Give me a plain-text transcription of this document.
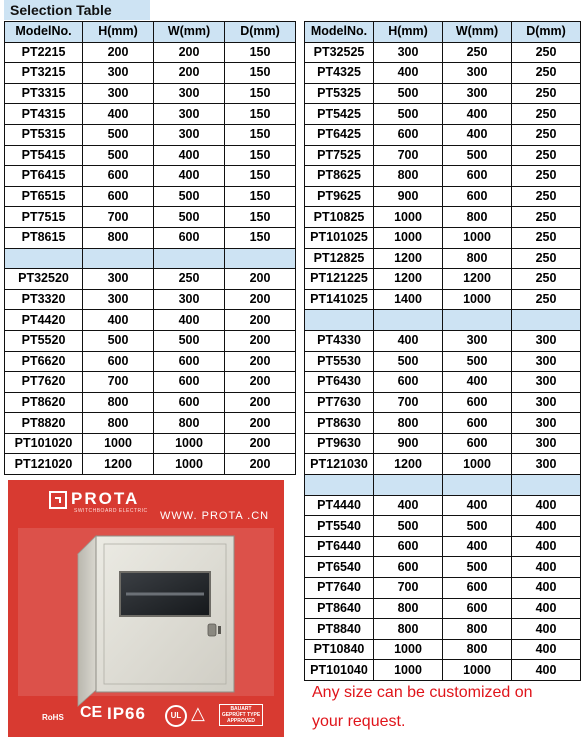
Selection Table
ModelNo.	H(mm)	W(mm)	D(mm)
PT2215	200	200	150
PT3215	300	200	150
PT3315	300	300	150
PT4315	400	300	150
PT5315	500	300	150
PT5415	500	400	150
PT6415	600	400	150
PT6515	600	500	150
PT7515	700	500	150
PT8615	800	600	150

PT32520	300	250	200
PT3320	300	300	200
PT4420	400	400	200
PT5520	500	500	200
PT6620	600	600	200
PT7620	700	600	200
PT8620	800	600	200
PT8820	800	800	200
PT101020	1000	1000	200
PT121020	1200	1000	200
ModelNo.	H(mm)	W(mm)	D(mm)
PT32525	300	250	250
PT4325	400	300	250
PT5325	500	300	250
PT5425	500	400	250
PT6425	600	400	250
PT7525	700	500	250
PT8625	800	600	250
PT9625	900	600	250
PT10825	1000	800	250
PT101025	1000	1000	250
PT12825	1200	800	250
PT121225	1200	1200	250
PT141025	1400	1000	250

PT4330	400	300	300
PT5530	500	500	300
PT6430	600	400	300
PT7630	700	600	300
PT8630	800	600	300
PT9630	900	600	300
PT121030	1200	1000	300

PT4440	400	400	400
PT5540	500	500	400
PT6440	600	400	400
PT6540	600	500	400
PT7640	700	600	400
PT8640	800	600	400
PT8840	800	800	400
PT10840	1000	800	400
PT101040	1000	1000	400
PROTA
SWITCHBOARD ELECTRIC WWW. PROTA .CN
RoHS CE IP66	UL △	BAUART GEPRÜFT TYPE APPROVED
Any size can be customized on
your request.
